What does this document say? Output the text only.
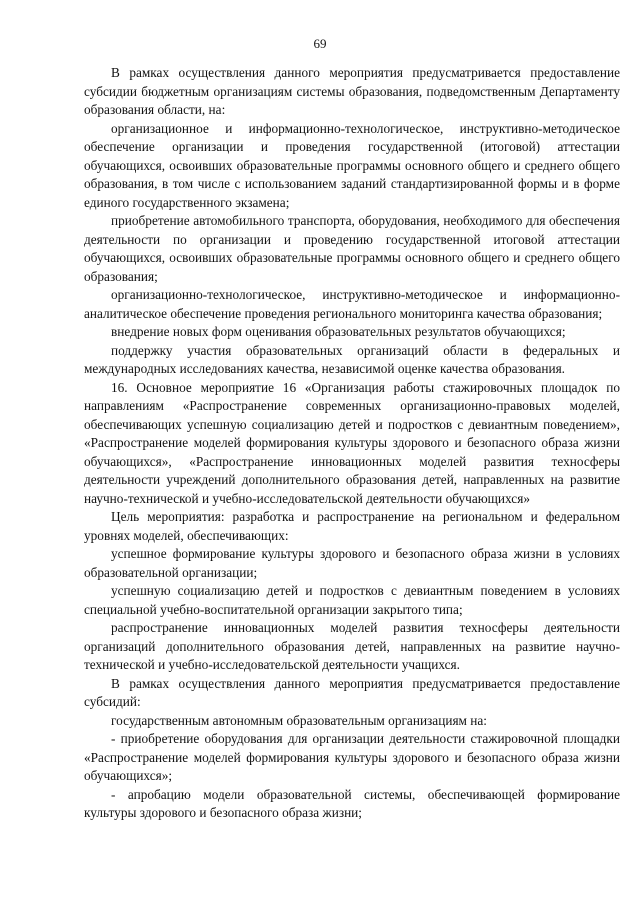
69

В рамках осуществления данного мероприятия предусматривается предоставление субсидии бюджетным организациям системы образования, подведомственным Департаменту образования области, на:

организационное и информационно-технологическое, инструктивно-методическое обеспечение организации и проведения государственной (итоговой) аттестации обучающихся, освоивших образовательные программы основного общего и среднего общего образования, в том числе с использованием заданий стандартизированной формы и в форме единого государственного экзамена;

приобретение автомобильного транспорта, оборудования, необходимого для обеспечения деятельности по организации и проведению государственной итоговой аттестации обучающихся, освоивших образовательные программы основного общего и среднего общего образования;

организационно-технологическое, инструктивно-методическое и информационно-аналитическое обеспечение проведения регионального мониторинга качества образования;

внедрение новых форм оценивания образовательных результатов обучающихся;

поддержку участия образовательных организаций области в федеральных и международных исследованиях качества, независимой оценке качества образования.

16. Основное мероприятие 16 «Организация работы стажировочных площадок по направлениям «Распространение современных организационно-правовых моделей, обеспечивающих успешную социализацию детей и подростков с девиантным поведением», «Распространение моделей формирования культуры здорового и безопасного образа жизни обучающихся», «Распространение инновационных моделей развития техносферы деятельности учреждений дополнительного образования детей, направленных на развитие научно-технической и учебно-исследовательской деятельности обучающихся»

Цель мероприятия: разработка и распространение на региональном и федеральном уровнях моделей, обеспечивающих:

успешное формирование культуры здорового и безопасного образа жизни в условиях образовательной организации;

успешную социализацию детей и подростков с девиантным поведением в условиях специальной учебно-воспитательной организации закрытого типа;

распространение инновационных моделей развития техносферы деятельности организаций дополнительного образования детей, направленных на развитие научно-технической и учебно-исследовательской деятельности учащихся.

В рамках осуществления данного мероприятия предусматривается предоставление субсидий:

государственным автономным образовательным организациям на:

- приобретение оборудования для организации деятельности стажировочной площадки «Распространение моделей формирования культуры здорового и безопасного образа жизни обучающихся»;

- апробацию модели образовательной системы, обеспечивающей формирование культуры здорового и безопасного образа жизни;
